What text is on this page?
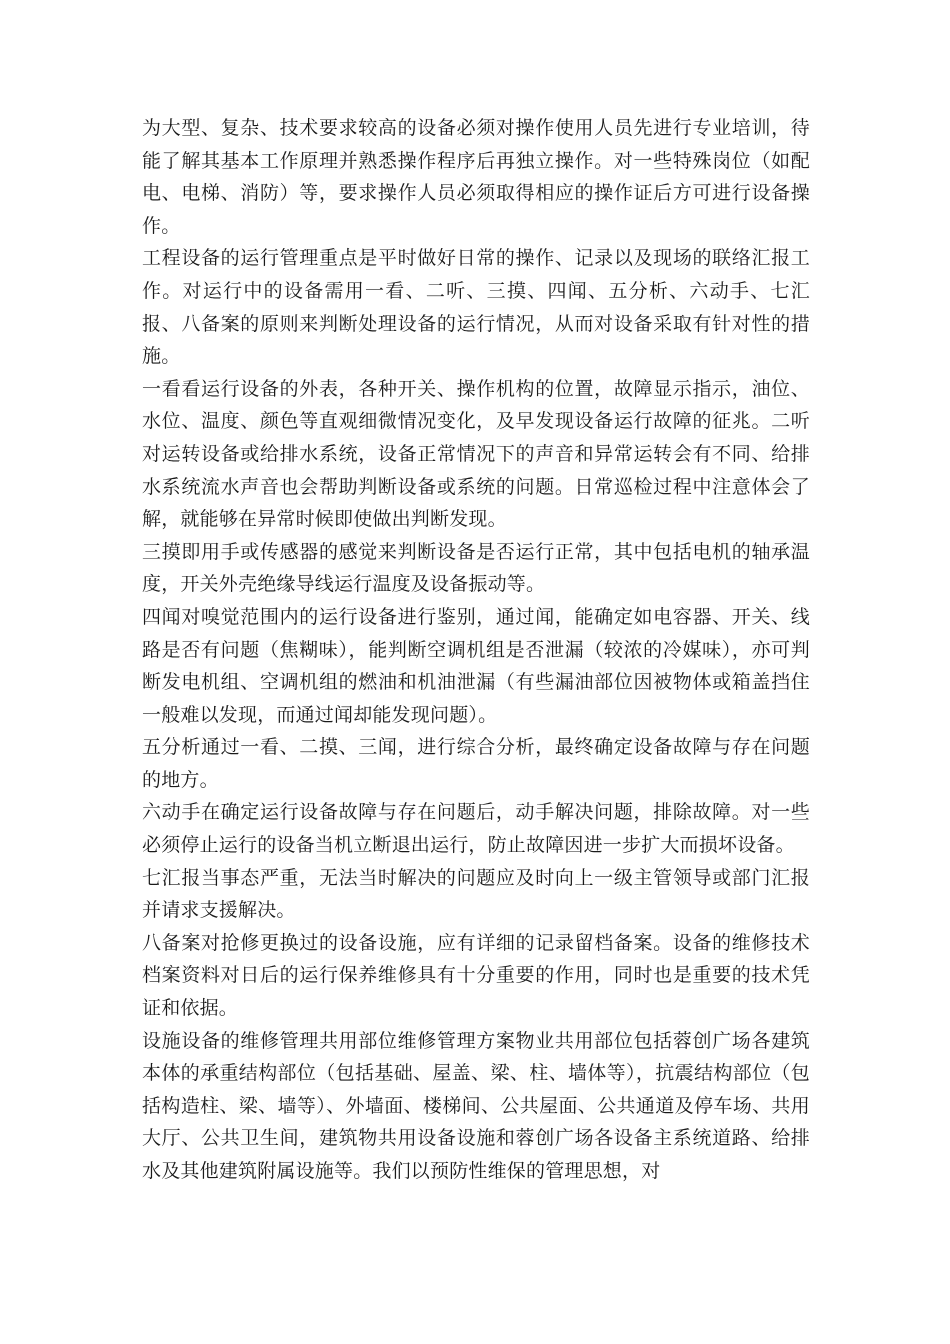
为大型、复杂、技术要求较高的设备必须对操作使用人员先进行专业培训，待能了解其基本工作原理并熟悉操作程序后再独立操作。对一些特殊岗位（如配电、电梯、消防）等，要求操作人员必须取得相应的操作证后方可进行设备操作。

工程设备的运行管理重点是平时做好日常的操作、记录以及现场的联络汇报工作。对运行中的设备需用一看、二听、三摸、四闻、五分析、六动手、七汇报、八备案的原则来判断处理设备的运行情况，从而对设备采取有针对性的措施。

一看看运行设备的外表，各种开关、操作机构的位置，故障显示指示，油位、水位、温度、颜色等直观细微情况变化，及早发现设备运行故障的征兆。二听对运转设备或给排水系统，设备正常情况下的声音和异常运转会有不同、给排水系统流水声音也会帮助判断设备或系统的问题。日常巡检过程中注意体会了解，就能够在异常时候即使做出判断发现。

三摸即用手或传感器的感觉来判断设备是否运行正常，其中包括电机的轴承温度，开关外壳绝缘导线运行温度及设备振动等。

四闻对嗅觉范围内的运行设备进行鉴别，通过闻，能确定如电容器、开关、线路是否有问题（焦糊味），能判断空调机组是否泄漏（较浓的冷媒味），亦可判断发电机组、空调机组的燃油和机油泄漏（有些漏油部位因被物体或箱盖挡住一般难以发现，而通过闻却能发现问题）。

五分析通过一看、二摸、三闻，进行综合分析，最终确定设备故障与存在问题的地方。

六动手在确定运行设备故障与存在问题后，动手解决问题，排除故障。对一些必须停止运行的设备当机立断退出运行，防止故障因进一步扩大而损坏设备。

七汇报当事态严重，无法当时解决的问题应及时向上一级主管领导或部门汇报并请求支援解决。

八备案对抢修更换过的设备设施，应有详细的记录留档备案。设备的维修技术档案资料对日后的运行保养维修具有十分重要的作用，同时也是重要的技术凭证和依据。

设施设备的维修管理共用部位维修管理方案物业共用部位包括蓉创广场各建筑本体的承重结构部位（包括基础、屋盖、梁、柱、墙体等），抗震结构部位（包括构造柱、梁、墙等）、外墙面、楼梯间、公共屋面、公共通道及停车场、共用大厅、公共卫生间，建筑物共用设备设施和蓉创广场各设备主系统道路、给排水及其他建筑附属设施等。我们以预防性维保的管理思想，对
